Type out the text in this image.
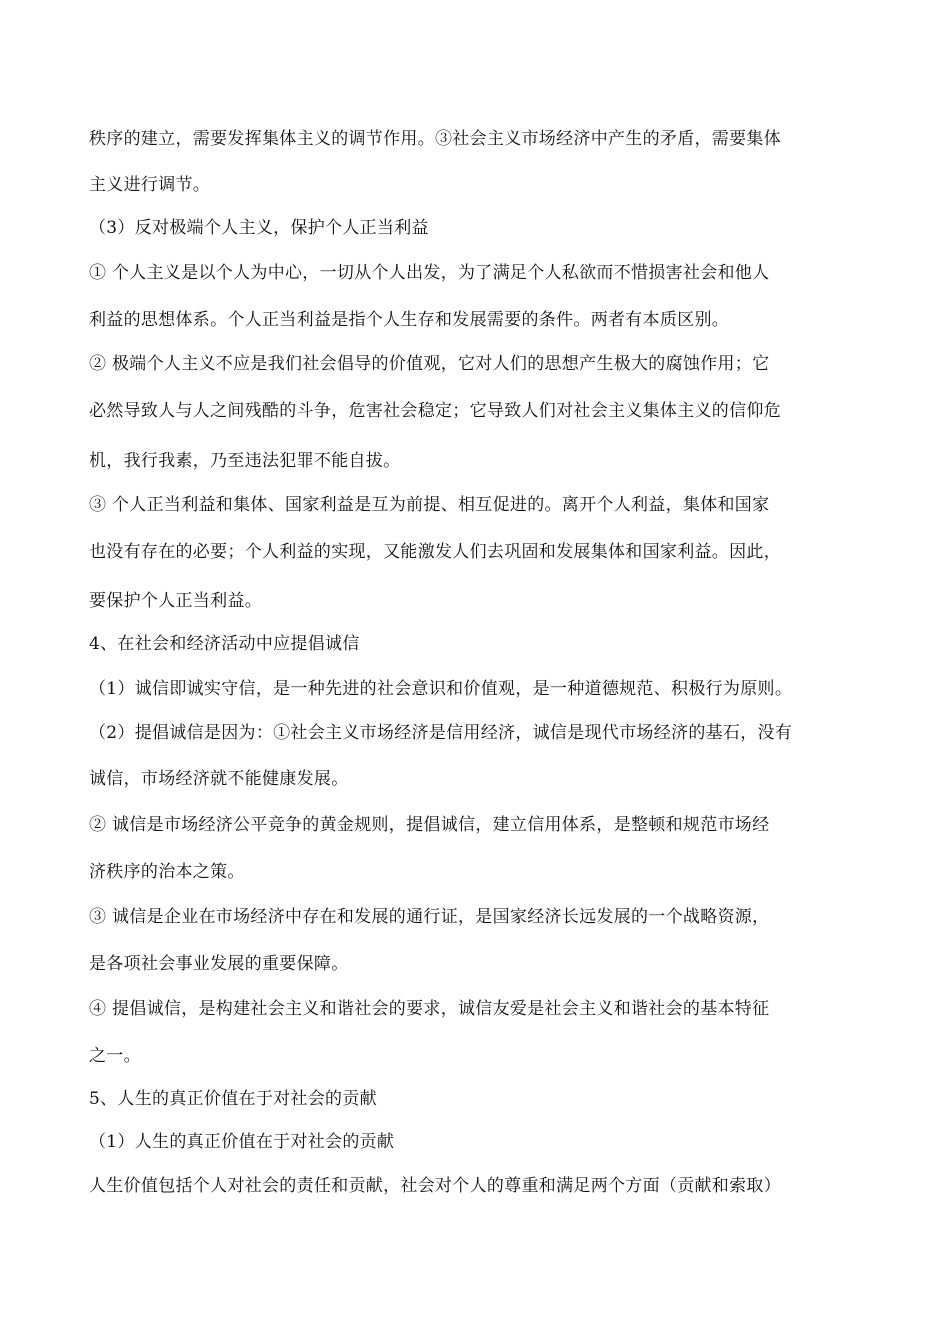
秩序的建立，需要发挥集体主义的调节作用。③社会主义市场经济中产生的矛盾，需要集体
主义进行调节。
（3）反对极端个人主义，保护个人正当利益
① 个人主义是以个人为中心，一切从个人出发，为了满足个人私欲而不惜损害社会和他人
利益的思想体系。个人正当利益是指个人生存和发展需要的条件。两者有本质区别。
② 极端个人主义不应是我们社会倡导的价值观，它对人们的思想产生极大的腐蚀作用；它
必然导致人与人之间残酷的斗争，危害社会稳定；它导致人们对社会主义集体主义的信仰危
机，我行我素，乃至违法犯罪不能自拔。
③ 个人正当利益和集体、国家利益是互为前提、相互促进的。离开个人利益，集体和国家
也没有存在的必要；个人利益的实现，又能激发人们去巩固和发展集体和国家利益。因此，
要保护个人正当利益。
4、在社会和经济活动中应提倡诚信
（1）诚信即诚实守信，是一种先进的社会意识和价值观，是一种道德规范、积极行为原则。
（2）提倡诚信是因为：①社会主义市场经济是信用经济，诚信是现代市场经济的基石，没有
诚信，市场经济就不能健康发展。
② 诚信是市场经济公平竞争的黄金规则，提倡诚信，建立信用体系，是整顿和规范市场经
济秩序的治本之策。
③ 诚信是企业在市场经济中存在和发展的通行证，是国家经济长远发展的一个战略资源，
是各项社会事业发展的重要保障。
④ 提倡诚信，是构建社会主义和谐社会的要求，诚信友爱是社会主义和谐社会的基本特征
之一。
5、人生的真正价值在于对社会的贡献
（1）人生的真正价值在于对社会的贡献
人生价值包括个人对社会的责任和贡献，社会对个人的尊重和满足两个方面（贡献和索取）
